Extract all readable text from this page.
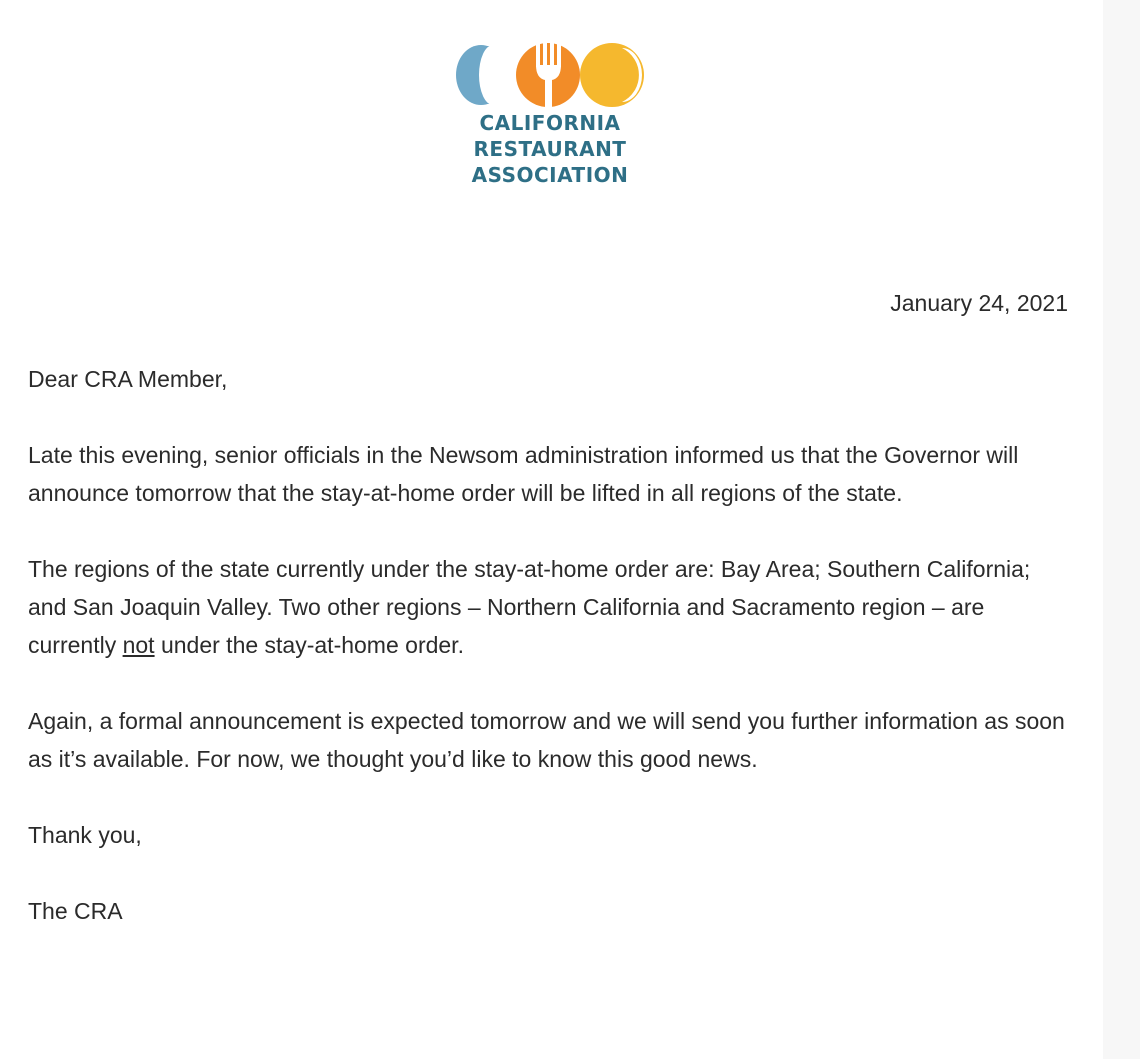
CALIFORNIA
RESTAURANT
ASSOCIATION

January 24, 2021

Dear CRA Member,

Late this evening, senior officials in the Newsom administration informed us that the Governor will announce tomorrow that the stay-at-home order will be lifted in all regions of the state.

The regions of the state currently under the stay-at-home order are: Bay Area; Southern California; and San Joaquin Valley. Two other regions – Northern California and Sacramento region – are currently not under the stay-at-home order.

Again, a formal announcement is expected tomorrow and we will send you further information as soon as it’s available. For now, we thought you’d like to know this good news.

Thank you,

The CRA
